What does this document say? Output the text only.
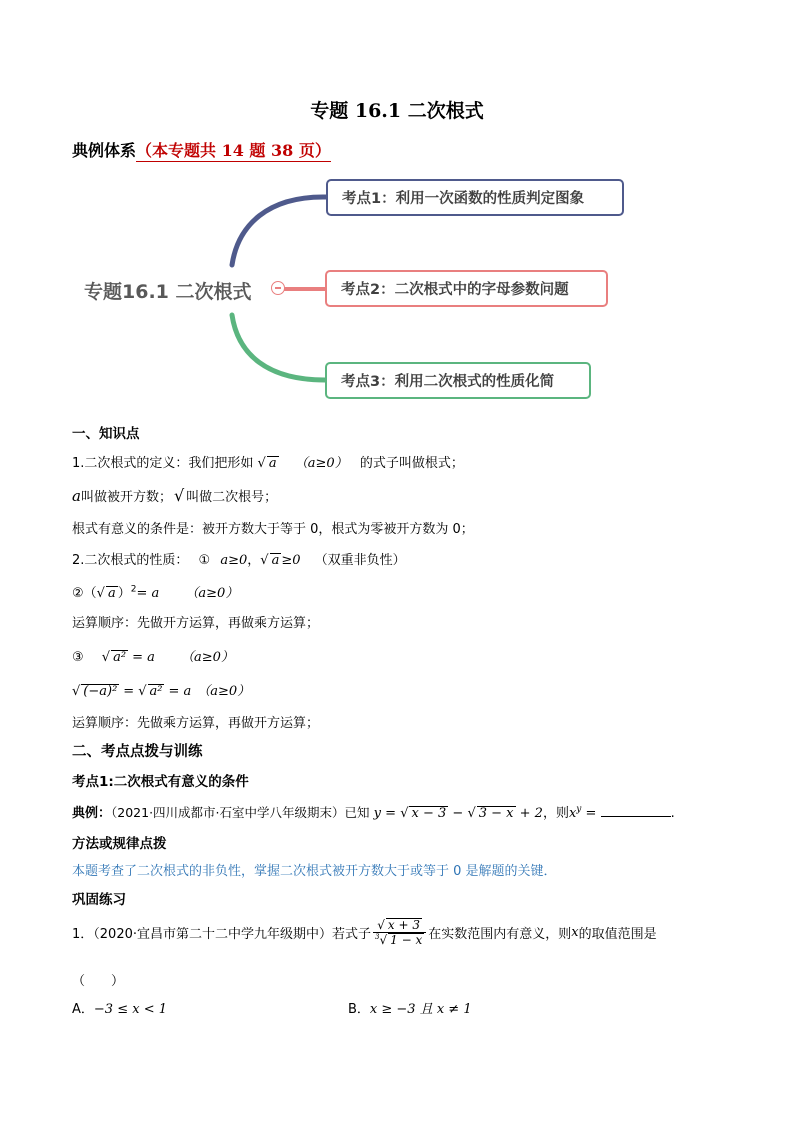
专题 16.1 二次根式
典例体系（本专题共 14 题 38 页）
专题16.1 二次根式
考点1：利用一次函数的性质判定图象
考点2：二次根式中的字母参数问题
考点3：利用二次根式的性质化简
一、知识点
1.二次根式的定义：我们把形如 √ a （a≥0） 的式子叫做根式；
a叫做被开方数； √ 叫做二次根号；
根式有意义的条件是：被开方数大于等于 0，根式为零被开方数为 0；
2.二次根式的性质： ① a≥0，√ a ≥0 （双重非负性）
②（√ a ）$^2$= a （a≥0）
运算顺序：先做开方运算，再做乘方运算；
③ √ a² = a （a≥0）
√ (−a)² = √ a² = a （a≥0）
运算顺序：先做乘方运算，再做开方运算；
二、考点点拨与训练
考点1:二次根式有意义的条件
典例：（2021·四川成都市·石室中学八年级期末）已知 y = √ x − 3 − √ 3 − x + 2，则$x^y$ =	.
方法或规律点拨
本题考查了二次根式的非负性，掌握二次根式被开方数大于或等于 0 是解题的关键．
巩固练习
1．（2020·宜昌市第二十二中学九年级期中）若式子 $\frac{√ x + 3}{^3√ 1 - x}$ 在实数范围内有意义，则x的取值范围是
（　　）
A．−3 ≤ x < 1	B．x ≥ −3 且 x ≠ 1
